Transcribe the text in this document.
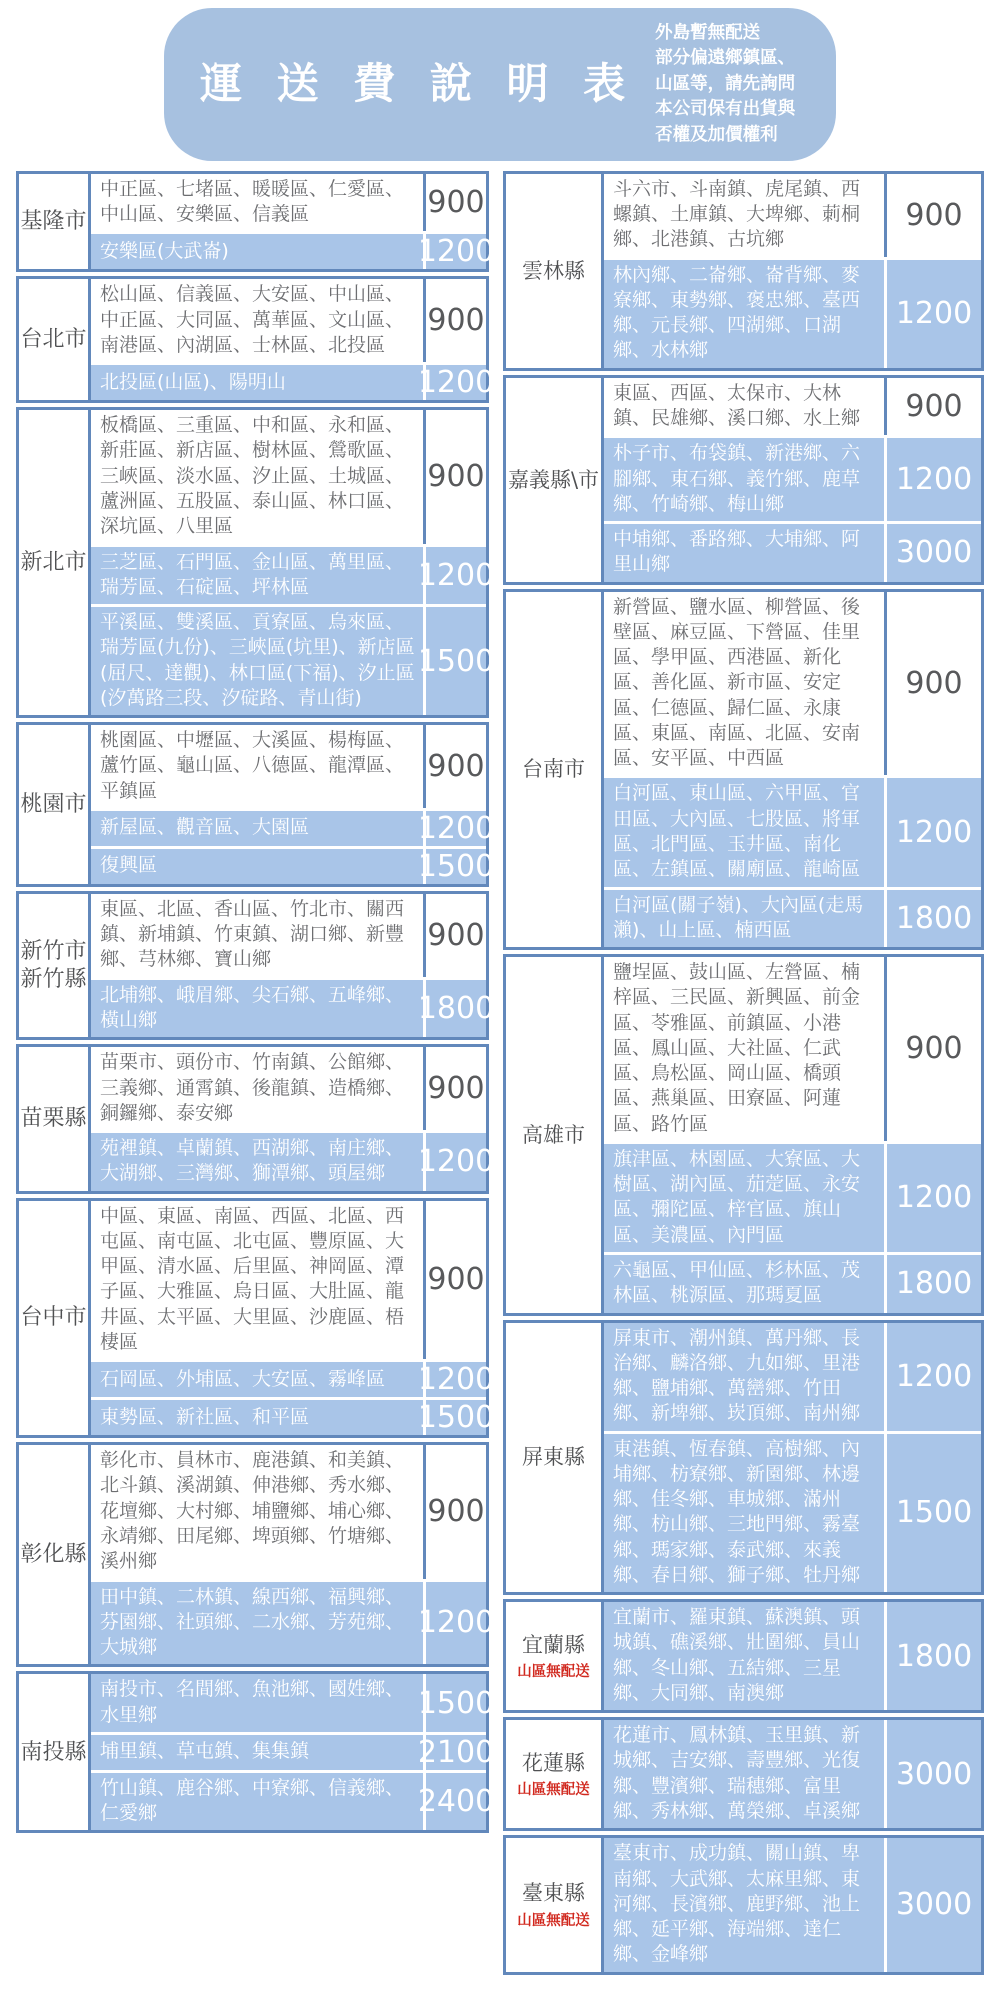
運 送 費 說 明 表
外島暫無配送
部分偏遠鄉鎮區、山區等，請先詢問
本公司保有出貨與否權及加價權利
基隆市
中正區、七堵區、暖暖區、仁愛區、中山區、安樂區、信義區	900
安樂區(大武崙)	1200
台北市
松山區、信義區、大安區、中山區、中正區、大同區、萬華區、文山區、南港區、內湖區、士林區、北投區
900
北投區(山區)、陽明山	1200
新北市
板橋區、三重區、中和區、永和區、新莊區、新店區、樹林區、鶯歌區、三峽區、淡水區、汐止區、土城區、蘆洲區、五股區、泰山區、林口區、深坑區、八里區
900
三芝區、石門區、金山區、萬里區、瑞芳區、石碇區、坪林區	1200
平溪區、雙溪區、貢寮區、烏來區、瑞芳區(九份)、三峽區(坑里)、新店區(屈尺、達觀)、林口區(下福)、汐止區(汐萬路三段、汐碇路、青山街)
1500
桃園市
桃園區、中壢區、大溪區、楊梅區、蘆竹區、龜山區、八德區、龍潭區、平鎮區
900
新屋區、觀音區、大園區	1200
復興區	1500
新竹市新竹縣
東區、北區、香山區、竹北市、關西鎮、新埔鎮、竹東鎮、湖口鄉、新豐鄉、芎林鄉、寶山鄉
900
北埔鄉、峨眉鄉、尖石鄉、五峰鄉、橫山鄉	1800
苗栗縣
苗栗市、頭份市、竹南鎮、公館鄉、三義鄉、通霄鎮、後龍鎮、造橋鄉、銅鑼鄉、泰安鄉
900
苑裡鎮、卓蘭鎮、西湖鄉、南庄鄉、大湖鄉、三灣鄉、獅潭鄉、頭屋鄉	1200
台中市
中區、東區、南區、西區、北區、西屯區、南屯區、北屯區、豐原區、大甲區、清水區、后里區、神岡區、潭子區、大雅區、烏日區、大肚區、龍井區、太平區、大里區、沙鹿區、梧棲區
900
石岡區、外埔區、大安區、霧峰區	1200
東勢區、新社區、和平區	1500
彰化縣
彰化市、員林市、鹿港鎮、和美鎮、北斗鎮、溪湖鎮、伸港鄉、秀水鄉、花壇鄉、大村鄉、埔鹽鄉、埔心鄉、永靖鄉、田尾鄉、埤頭鄉、竹塘鄉、溪州鄉
900
田中鎮、二林鎮、線西鄉、福興鄉、芬園鄉、社頭鄉、二水鄉、芳苑鄉、大城鄉
1200
南投縣
南投市、名間鄉、魚池鄉、國姓鄉、水里鄉	1500
埔里鎮、草屯鎮、集集鎮	2100
竹山鎮、鹿谷鄉、中寮鄉、信義鄉、仁愛鄉	2400
雲林縣
斗六市、斗南鎮、虎尾鎮、西螺鎮、土庫鎮、大埤鄉、莿桐鄉、北港鎮、古坑鄉
900
林內鄉、二崙鄉、崙背鄉、麥寮鄉、東勢鄉、褒忠鄉、臺西鄉、元長鄉、四湖鄉、口湖鄉、水林鄉
1200
嘉義縣\市
東區、西區、太保市、大林鎮、民雄鄉、溪口鄉、水上鄉	900
朴子市、布袋鎮、新港鄉、六腳鄉、東石鄉、義竹鄉、鹿草鄉、竹崎鄉、梅山鄉
1200
中埔鄉、番路鄉、大埔鄉、阿里山鄉	3000
台南市
新營區、鹽水區、柳營區、後壁區、麻豆區、下營區、佳里區、學甲區、西港區、新化區、善化區、新市區、安定區、仁德區、歸仁區、永康區、東區、南區、北區、安南區、安平區、中西區
900
白河區、東山區、六甲區、官田區、大內區、七股區、將軍區、北門區、玉井區、南化區、左鎮區、關廟區、龍崎區
1200
白河區(關子嶺)、大內區(走馬瀨)、山上區、楠西區	1800
高雄市
鹽埕區、鼓山區、左營區、楠梓區、三民區、新興區、前金區、苓雅區、前鎮區、小港區、鳳山區、大社區、仁武區、鳥松區、岡山區、橋頭區、燕巢區、田寮區、阿蓮區、路竹區
900
旗津區、林園區、大寮區、大樹區、湖內區、茄萣區、永安區、彌陀區、梓官區、旗山區、美濃區、內門區
1200
六龜區、甲仙區、杉林區、茂林區、桃源區、那瑪夏區	1800
屏東縣
屏東市、潮州鎮、萬丹鄉、長治鄉、麟洛鄉、九如鄉、里港鄉、鹽埔鄉、萬巒鄉、竹田鄉、新埤鄉、崁頂鄉、南州鄉
1200
東港鎮、恆春鎮、高樹鄉、內埔鄉、枋寮鄉、新園鄉、林邊鄉、佳冬鄉、車城鄉、滿州鄉、枋山鄉、三地門鄉、霧臺鄉、瑪家鄉、泰武鄉、來義鄉、春日鄉、獅子鄉、牡丹鄉
1500
宜蘭縣
山區無配送
宜蘭市、羅東鎮、蘇澳鎮、頭城鎮、礁溪鄉、壯圍鄉、員山鄉、冬山鄉、五結鄉、三星鄉、大同鄉、南澳鄉
1800
花蓮縣
山區無配送
花蓮市、鳳林鎮、玉里鎮、新城鄉、吉安鄉、壽豐鄉、光復鄉、豐濱鄉、瑞穗鄉、富里鄉、秀林鄉、萬榮鄉、卓溪鄉
3000
臺東縣
山區無配送
臺東市、成功鎮、關山鎮、卑南鄉、大武鄉、太麻里鄉、東河鄉、長濱鄉、鹿野鄉、池上鄉、延平鄉、海端鄉、達仁鄉、金峰鄉
3000
